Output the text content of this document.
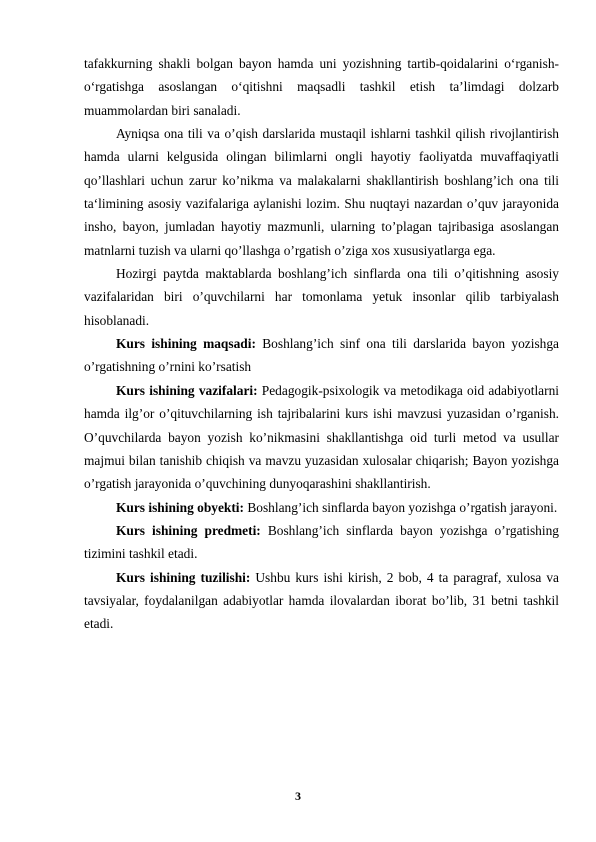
tafakkurning shakli bolgan bayon hamda uni yozishning tartib-qoidalarini o‘rganish-o‘rgatishga asoslangan o‘qitishni maqsadli tashkil etish ta’limdagi dolzarb muammolardan biri sanaladi.

Ayniqsa ona tili va o’qish darslarida mustaqil ishlarni tashkil qilish rivojlantirish hamda ularni kelgusida olingan bilimlarni ongli hayotiy faoliyatda muvaffaqiyatli qo’llashlari uchun zarur ko’nikma va malakalarni shakllantirish boshlang’ich ona tili ta‘limining asosiy vazifalariga aylanishi lozim. Shu nuqtayi nazardan o’quv jarayonida insho, bayon, jumladan hayotiy mazmunli, ularning to’plagan tajribasiga asoslangan matnlarni tuzish va ularni qo’llashga o’rgatish o’ziga xos xususiyatlarga ega.

Hozirgi paytda maktablarda boshlang’ich sinflarda ona tili o’qitishning asosiy vazifalaridan biri o’quvchilarni har tomonlama yetuk insonlar qilib tarbiyalash hisoblanadi.

Kurs ishining maqsadi: Boshlang’ich sinf ona tili darslarida bayon yozishga o’rgatishning o’rnini ko’rsatish

Kurs ishining vazifalari: Pedagogik-psixologik va metodikaga oid adabiyotlarni hamda ilg’or o’qituvchilarning ish tajribalarini kurs ishi mavzusi yuzasidan o’rganish. O’quvchilarda bayon yozish ko’nikmasini shakllantishga oid turli metod va usullar majmui bilan tanishib chiqish va mavzu yuzasidan xulosalar chiqarish; Bayon yozishga o’rgatish jarayonida o’quvchining dunyoqarashini shakllantirish.

Kurs ishining obyekti: Boshlang’ich sinflarda bayon yozishga o’rgatish jarayoni.

Kurs ishining predmeti: Boshlang’ich sinflarda bayon yozishga o’rgatishing tizimini tashkil etadi.

Kurs ishining tuzilishi: Ushbu kurs ishi kirish, 2 bob, 4 ta paragraf, xulosa va tavsiyalar, foydalanilgan adabiyotlar hamda ilovalardan iborat bo’lib, 31 betni tashkil etadi.

3
